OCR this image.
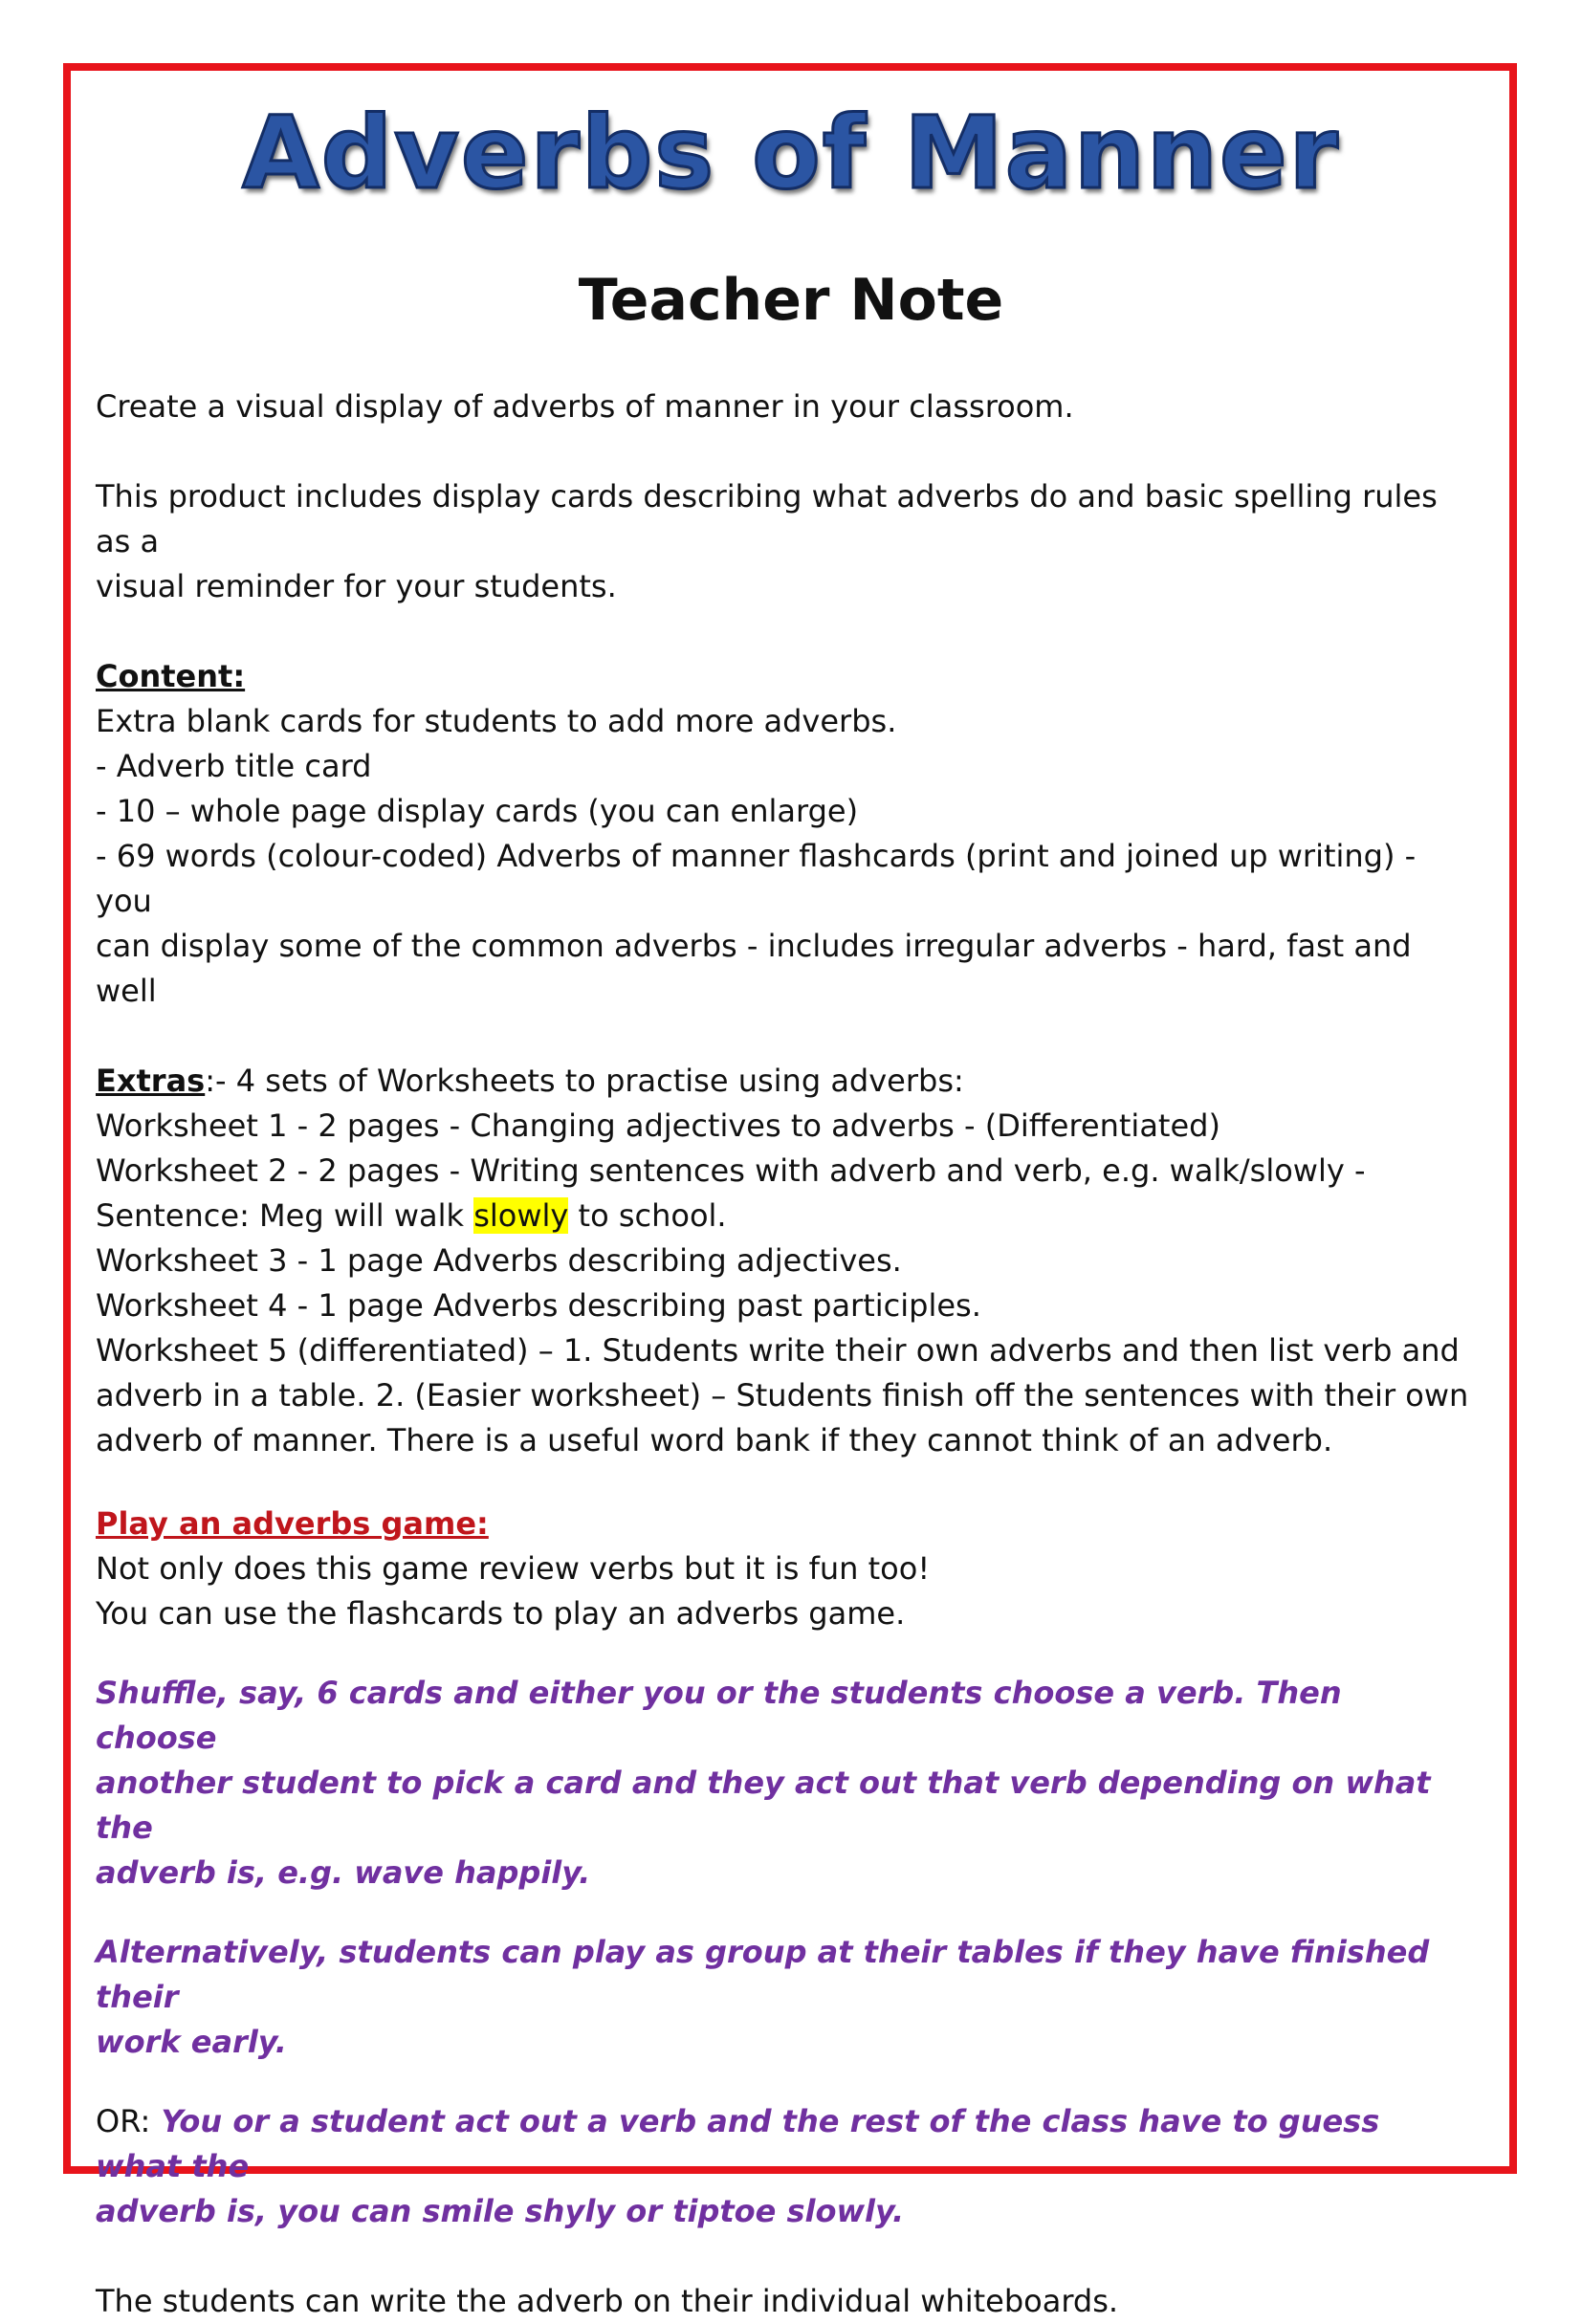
Adverbs of Manner
Teacher Note

Create a visual display of adverbs of manner in your classroom.

This product includes display cards describing what adverbs do and basic spelling rules as a

visual reminder for your students.

Content:

Extra blank cards for students to add more adverbs.

- Adverb title card

- 10 – whole page display cards (you can enlarge)

- 69 words (colour-coded) Adverbs of manner flashcards (print and joined up writing) - you

can display some of the common adverbs - includes irregular adverbs - hard, fast and well

Extras:- 4 sets of Worksheets to practise using adverbs:

Worksheet 1 - 2 pages - Changing adjectives to adverbs - (Differentiated)

Worksheet 2 - 2 pages - Writing sentences with adverb and verb, e.g. walk/slowly -

Sentence: Meg will walk slowly to school.

Worksheet 3 - 1 page Adverbs describing adjectives.

Worksheet 4 - 1 page Adverbs describing past participles.

Worksheet 5 (differentiated) – 1. Students write their own adverbs and then list verb and

adverb in a table. 2. (Easier worksheet) – Students finish off the sentences with their own

adverb of manner. There is a useful word bank if they cannot think of an adverb.

Play an adverbs game:

Not only does this game review verbs but it is fun too!

You can use the flashcards to play an adverbs game.

Shuffle, say, 6 cards and either you or the students choose a verb. Then choose

another student to pick a card and they act out that verb depending on what the

adverb is, e.g. wave happily.

Alternatively, students can play as group at their tables if they have finished their

work early.

OR: You or a student act out a verb and the rest of the class have to guess what the

adverb is, you can smile shyly or tiptoe slowly.

The students can write the adverb on their individual whiteboards.
